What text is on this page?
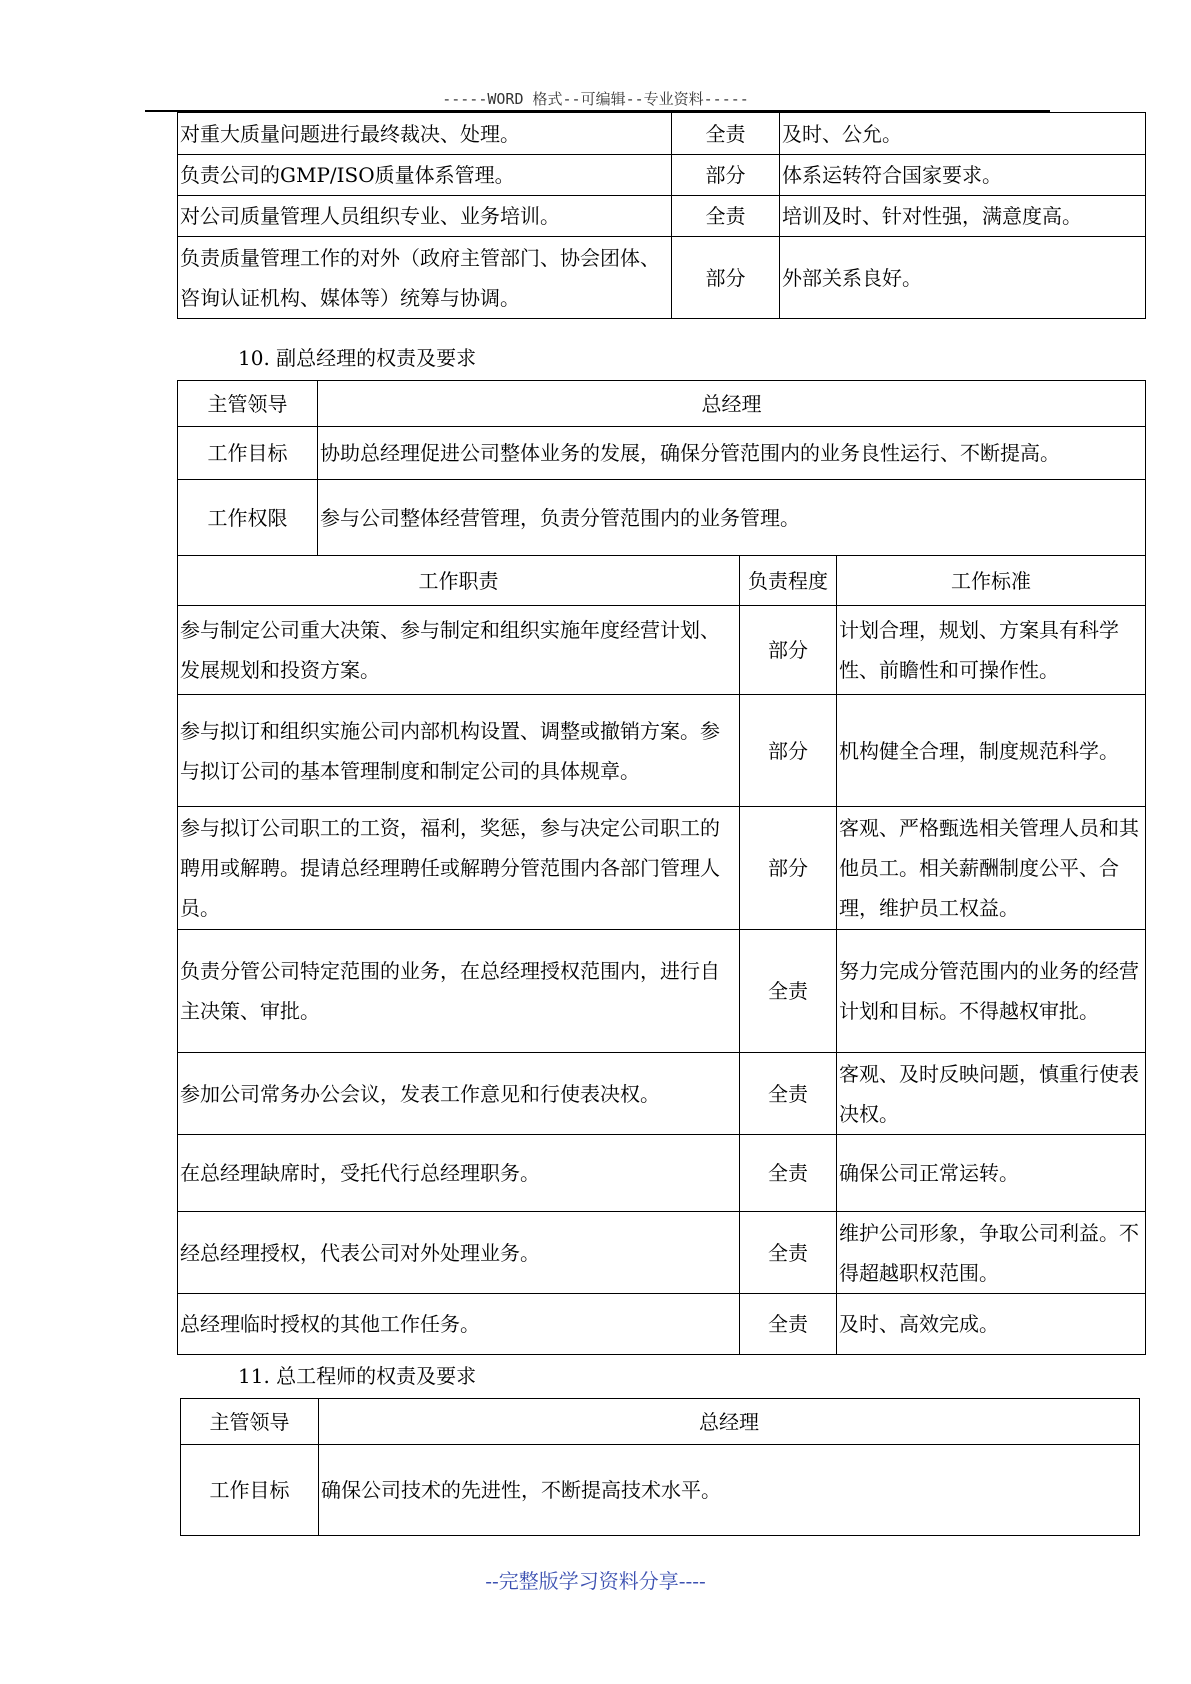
-----WORD 格式--可编辑--专业资料-----
对重大质量问题进行最终裁决、处理。	全责	及时、公允。
负责公司的GMP/ISO质量体系管理。	部分	体系运转符合国家要求。
对公司质量管理人员组织专业、业务培训。	全责	培训及时、针对性强，满意度高。
负责质量管理工作的对外（政府主管部门、协会团体、咨询认证机构、媒体等）统筹与协调。	部分	外部关系良好。
10. 副总经理的权责及要求
主管领导	总经理
工作目标	协助总经理促进公司整体业务的发展，确保分管范围内的业务良性运行、不断提高。
工作权限	参与公司整体经营管理，负责分管范围内的业务管理。
工作职责	负责程度	工作标准
参与制定公司重大决策、参与制定和组织实施年度经营计划、发展规划和投资方案。	部分	计划合理，规划、方案具有科学性、前瞻性和可操作性。
参与拟订和组织实施公司内部机构设置、调整或撤销方案。参与拟订公司的基本管理制度和制定公司的具体规章。	部分	机构健全合理，制度规范科学。
参与拟订公司职工的工资，福利，奖惩，参与决定公司职工的聘用或解聘。提请总经理聘任或解聘分管范围内各部门管理人员。	部分	客观、严格甄选相关管理人员和其他员工。相关薪酬制度公平、合理，维护员工权益。
负责分管公司特定范围的业务，在总经理授权范围内，进行自主决策、审批。	全责	努力完成分管范围内的业务的经营计划和目标。不得越权审批。
参加公司常务办公会议，发表工作意见和行使表决权。	全责	客观、及时反映问题，慎重行使表决权。
在总经理缺席时，受托代行总经理职务。	全责	确保公司正常运转。
经总经理授权，代表公司对外处理业务。	全责	维护公司形象，争取公司利益。不得超越职权范围。
总经理临时授权的其他工作任务。	全责	及时、高效完成。
11. 总工程师的权责及要求
主管领导	总经理
工作目标	确保公司技术的先进性，不断提高技术水平。
--完整版学习资料分享----
